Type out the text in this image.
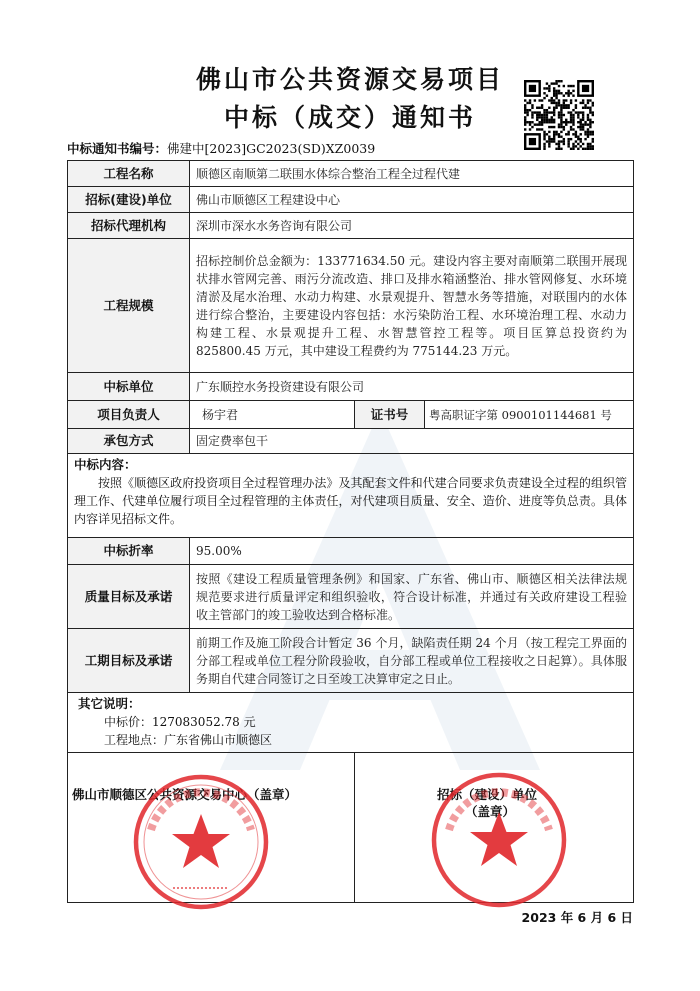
佛山市公共资源交易项目
中标（成交）通知书
中标通知书编号：佛建中[2023]GC2023(SD)XZ0039
工程名称	顺德区南顺第二联围水体综合整治工程全过程代建		
招标(建设)单位	佛山市顺德区工程建设中心		
招标代理机构	深圳市深水水务咨询有限公司		
工程规模	招标控制价总金额为：133771634.50 元。建设内容主要对南顺第二联围开展现状排水管网完善、雨污分流改造、排口及排水箱涵整治、排水管网修复、水环境清淤及尾水治理、水动力构建、水景观提升、智慧水务等措施，对联围内的水体进行综合整治，主要建设内容包括：水污染防治工程、水环境治理工程、水动力构建工程、水景观提升工程、水智慧管控工程等。项目匡算总投资约为 825800.45 万元，其中建设工程费约为 775144.23 万元。		
中标单位	广东顺控水务投资建设有限公司		
项目负责人	杨宇君	证书号	粤高职证字第 0900101144681 号
承包方式	固定费率包干		

中标内容：
按照《顺德区政府投资项目全过程管理办法》及其配套文件和代建合同要求负责建设全过程的组织管理工作、代建单位履行项目全过程管理的主体责任，对代建项目质量、安全、造价、进度等负总责。具体内容详见招标文件。			

中标折率	95.00%		
质量目标及承诺	按照《建设工程质量管理条例》和国家、广东省、佛山市、顺德区相关法律法规规范要求进行质量评定和组织验收，符合设计标准，并通过有关政府建设工程验收主管部门的竣工验收达到合格标准。		
工期目标及承诺	前期工作及施工阶段合计暂定 36 个月，缺陷责任期 24 个月（按工程完工界面的分部工程或单位工程分阶段验收，自分部工程或单位工程接收之日起算）。具体服务期自代建合同签订之日至竣工决算审定之日止。		

其它说明：
中标价：127083052.78 元
工程地点：广东省佛山市顺德区			

佛山市顺德区公共资源交易中心（盖章）	招标（建设）单位
（盖章）
2023 年 6 月 6 日
